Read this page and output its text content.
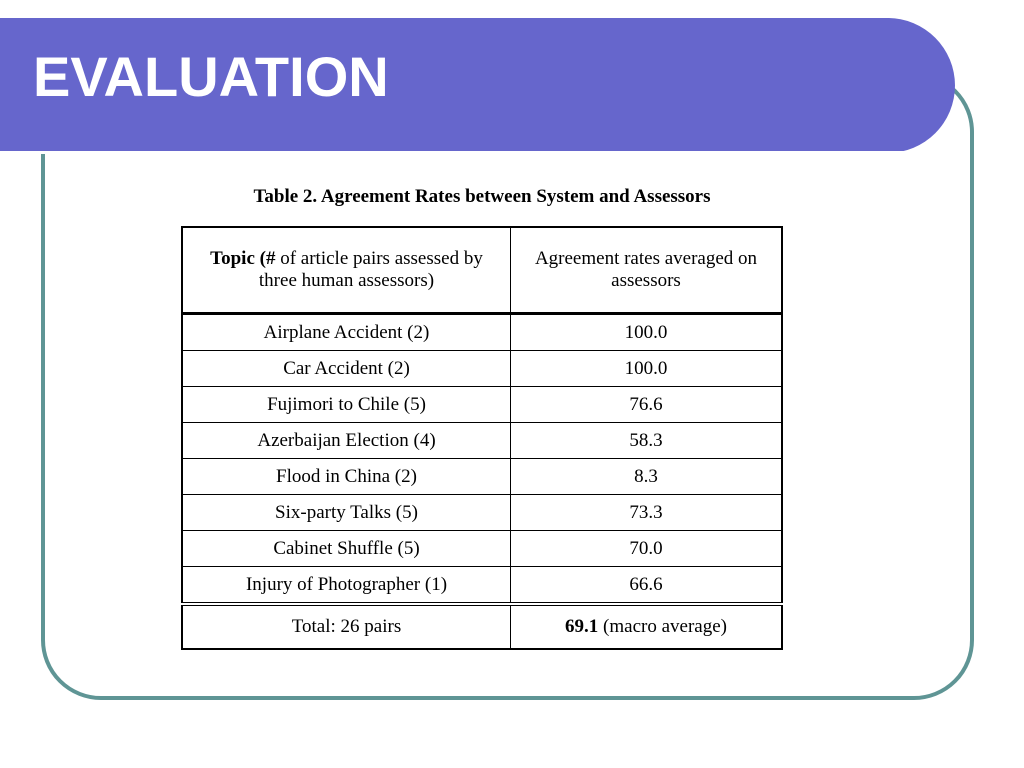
EVALUATION
Table 2. Agreement Rates between System and Assessors
Topic (# of article pairs assessed by three human assessors)	Agreement rates averaged on assessors
Airplane Accident (2)	100.0
Car Accident (2)	100.0
Fujimori to Chile (5)	76.6
Azerbaijan Election (4)	58.3
Flood in China (2)	8.3
Six-party Talks (5)	73.3
Cabinet Shuffle (5)	70.0
Injury of Photographer (1)	66.6
Total: 26 pairs	69.1 (macro average)
